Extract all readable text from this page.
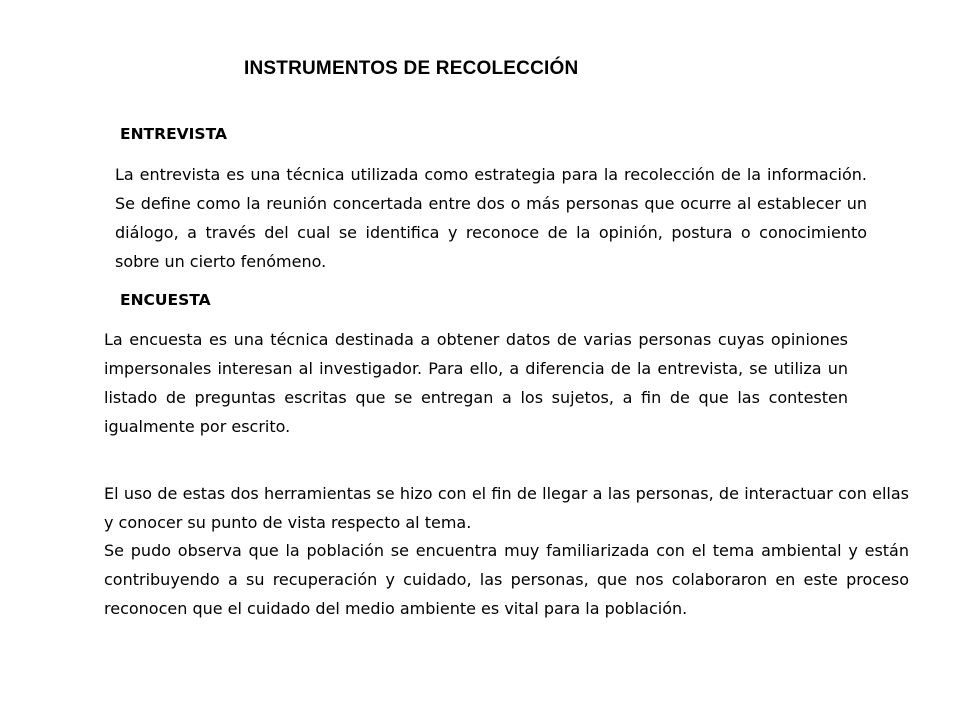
INSTRUMENTOS DE RECOLECCIÓN
ENTREVISTA

La entrevista es una técnica utilizada como estrategia para la recolección de la información. Se define como la reunión concertada entre dos o más personas que ocurre al establecer un diálogo, a través del cual se identifica y reconoce de la opinión, postura o conocimiento sobre un cierto fenómeno.

ENCUESTA

La encuesta es una técnica destinada a obtener datos de varias personas cuyas opiniones impersonales interesan al investigador. Para ello, a diferencia de la entrevista, se utiliza un listado de preguntas escritas que se entregan a los sujetos, a fin de que las contesten igualmente por escrito.

El uso de estas dos herramientas se hizo con el fin de llegar a las personas, de interactuar con ellas y conocer su punto de vista respecto al tema.

Se pudo observa que la población se encuentra muy familiarizada con el tema ambiental y están contribuyendo a su recuperación y cuidado, las personas, que nos colaboraron en este proceso reconocen que el cuidado del medio ambiente es vital para la población.
